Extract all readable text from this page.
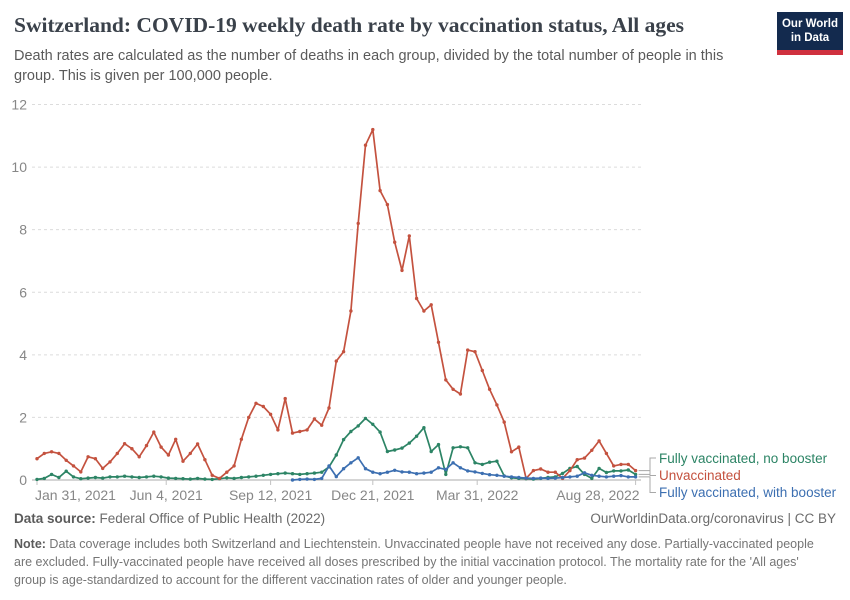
Switzerland: COVID-19 weekly death rate by vaccination status, All ages
Death rates are calculated as the number of deaths in each group, divided by the total number of people in this group. This is given per 100,000 people.
Our World
in Data
0
2
4
6
8
10
12
Jan 31, 2021 Jun 4, 2021 Sep 12, 2021 Dec 21, 2021 Mar 31, 2022	Aug 28, 2022
Fully vaccinated, no booster
Unvaccinated
Fully vaccinated, with booster
Data source: Federal Office of Public Health (2022)	OurWorldinData.org/coronavirus | CC BY
Note: Data coverage includes both Switzerland and Liechtenstein. Unvaccinated people have not received any dose. Partially-vaccinated people are excluded. Fully-vaccinated people have received all doses prescribed by the initial vaccination protocol. The mortality rate for the 'All ages' group is age-standardized to account for the different vaccination rates of older and younger people.
